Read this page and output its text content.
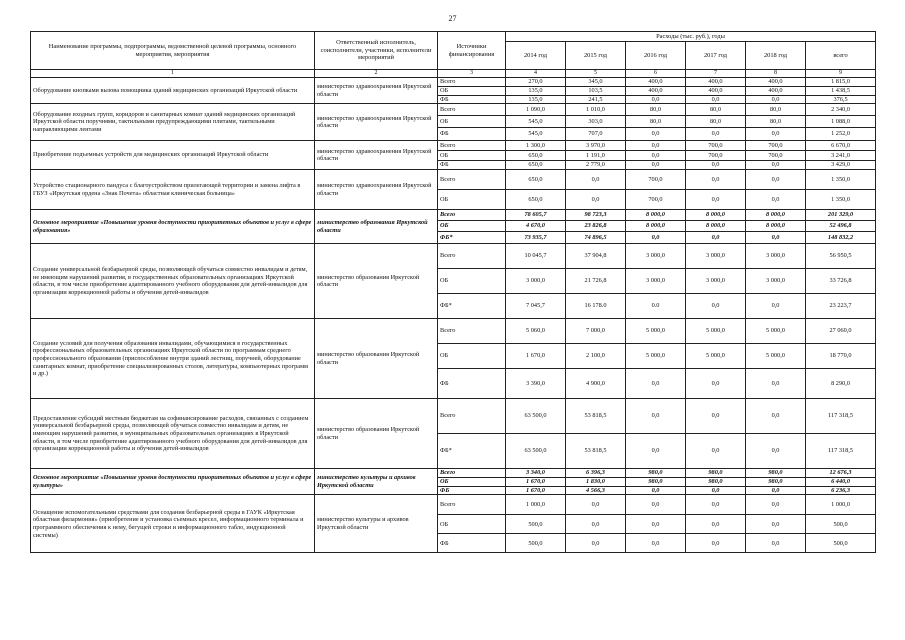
27
Наименование программы, подпрограммы, ведомственной целевой программы, основного мероприятия, мероприятия	Ответственный исполнитель, соисполнители, участники, исполнители мероприятий	Источники финансирования	Расходы (тыс. руб.), годы					
			2014 год	2015 год	2016 год	2017 год	2018 год	всего
1	2	3	4	5	6	7	8	9
Оборудование кнопками вызова помощника зданий медицинских организаций Иркутской области	министерство здравоохранения Иркутской области	Всего	270,0	345,0	400,0	400,0	400,0	1 815,0
		ОБ	135,0	103,5	400,0	400,0	400,0	1 438,5
		ФБ	135,0	241,5	0,0	0,0	0,0	376,5
Оборудование входных групп, коридоров и санитарных комнат зданий медицинских организаций Иркутской области поручнями, тактильными предупреждающими плитами, тактильными направляющими лентами	министерство здравоохранения Иркутской области	Всего	1 090,0	1 010,0	80,0	80,0	80,0	2 340,0
		ОБ	545,0	303,0	80,0	80,0	80,0	1 088,0
		ФБ	545,0	707,0	0,0	0,0	0,0	1 252,0
Приобретение подъемных устройств для медицинских организаций Иркутской области	министерство здравоохранения Иркутской области	Всего	1 300,0	3 970,0	0,0	700,0	700,0	6 670,0
		ОБ	650,0	1 191,0	0,0	700,0	700,0	3 241,0
		ФБ	650,0	2 779,0	0,0	0,0	0,0	3 429,0
Устройство стационарного пандуса с благоустройством прилегающей территории и замена лифта в ГБУЗ «Иркутская ордена «Знак Почета» областная клиническая больница»	министерство здравоохранения Иркутской области	Всего	650,0	0,0	700,0	0,0	0,0	1 350,0
		ОБ	650,0	0,0	700,0	0,0	0,0	1 350,0
Основное мероприятие «Повышение уровня доступности приоритетных объектов и услуг в сфере образования»	министерство образования Иркутской области	Всего	78 605,7	98 723,3	8 000,0	8 000,0	8 000,0	201 329,0
		ОБ	4 670,0	23 826,8	8 000,0	8 000,0	8 000,0	52 496,8
		ФБ*	73 935,7	74 896,5	0,0	0,0	0,0	148 832,2
Создание универсальной безбарьерной среды, позволяющей обучаться совместно инвалидам и детям, не имеющим нарушений развития, в государственных образовательных организациях Иркутской области, в том числе приобретение адаптированного учебного оборудования для детей-инвалидов для организации коррекционной работы и обучения детей-инвалидов	министерство образования Иркутской области	Всего	10 045,7	37 904,8	3 000,0	3 000,0	3 000,0	56 950,5
		ОБ	3 000,0	21 726,8	3 000,0	3 000,0	3 000,0	33 726,8
		ФБ*	7 045,7	16 178.0	0.0	0,0	0,0	23 223,7
Создание условий для получения образования инвалидами, обучающимися в государственных профессиональных образовательных организациях Иркутской области по программам среднего профессионального образования (приспособление внутри зданий лестниц, поручней, оборудование санитарных комнат, приобретение специализированных столов, литературы, компьютерных программ и др.)	министерство образования Иркутской области	Всего	5 060,0	7 000,0	5 000,0	5 000,0	5 000,0	27 060,0
		ОБ	1 670,0	2 100,0	5 000,0	5 000,0	5 000,0	18 770,0
		ФБ	3 390,0	4 900,0	0,0	0,0	0,0	8 290,0
Предоставление субсидий местным бюджетам на софинансирование расходов, связанных с созданием универсальной безбарьерной среды, позволяющей обучаться совместно инвалидам и детям, не имеющим нарушений развития, в муниципальных образовательных организациях в Иркутской области, в том числе приобретение адаптированного учебного оборудования для детей-инвалидов для организации коррекционной работы и обучения детей-инвалидов	министерство образования Иркутской области	Всего	63 500,0	53 818,5	0,0	0,0	0,0	117 318,5
		ФБ*	63 500,0	53 818,5	0,0	0,0	0,0	117 318,5
Основное мероприятие «Повышение уровня доступности приоритетных объектов и услуг в сфере культуры»	министерство культуры и архивов Иркутской области	Всего	3 340,0	6 396,3	980,0	980,0	980,0	12 676,3
		ОБ	1 670,0	1 830,0	980,0	980,0	980,0	6 440,0
		ФБ	1 670,0	4 566,3	0,0	0,0	0,0	6 236,3
Оснащение вспомогательными средствами для создания безбарьерной среды в ГАУК «Иркутская областная филармония» (приобретение и установка съемных кресел, информационного терминала и программного обеспечения к нему, бегущей строки и информационного табло, индукционной системы)	министерство культуры и архивов Иркутской области	Всего	1 000,0	0,0	0,0	0,0	0,0	1 000,0
		ОБ	500,0	0,0	0,0	0,0	0,0	500,0
		ФБ	500,0	0,0	0,0	0,0	0,0	500,0
